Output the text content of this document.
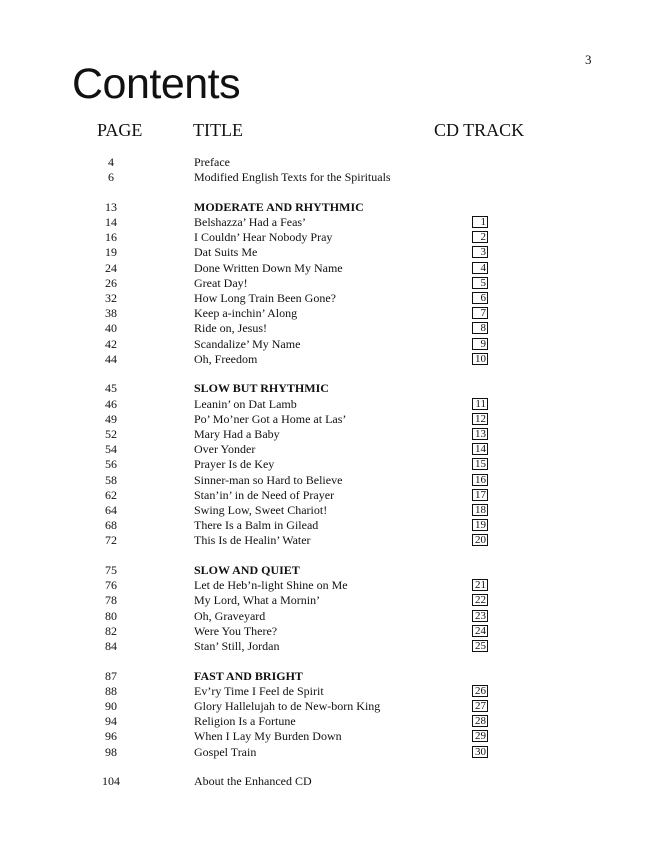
3
Contents
PAGE	TITLE	CD TRACK
4	Preface
6	Modified English Texts for the Spirituals
13	MODERATE AND RHYTHMIC
14	Belshazza’ Had a Feas’	1
16	I Couldn’ Hear Nobody Pray	2
19	Dat Suits Me	3
24	Done Written Down My Name	4
26	Great Day!	5
32	How Long Train Been Gone?	6
38	Keep a-inchin’ Along	7
40	Ride on, Jesus!	8
42	Scandalize’ My Name	9
44	Oh, Freedom	10
45	SLOW BUT RHYTHMIC
46	Leanin’ on Dat Lamb	11
49	Po’ Mo’ner Got a Home at Las’	12
52	Mary Had a Baby	13
54	Over Yonder	14
56	Prayer Is de Key	15
58	Sinner-man so Hard to Believe	16
62	Stan’in’ in de Need of Prayer	17
64	Swing Low, Sweet Chariot!	18
68	There Is a Balm in Gilead	19
72	This Is de Healin’ Water	20
75	SLOW AND QUIET
76	Let de Heb’n-light Shine on Me	21
78	My Lord, What a Mornin’	22
80	Oh, Graveyard	23
82	Were You There?	24
84	Stan’ Still, Jordan	25
87	FAST AND BRIGHT
88	Ev’ry Time I Feel de Spirit	26
90	Glory Hallelujah to de New-born King	27
94	Religion Is a Fortune	28
96	When I Lay My Burden Down	29
98	Gospel Train	30
104	About the Enhanced CD
